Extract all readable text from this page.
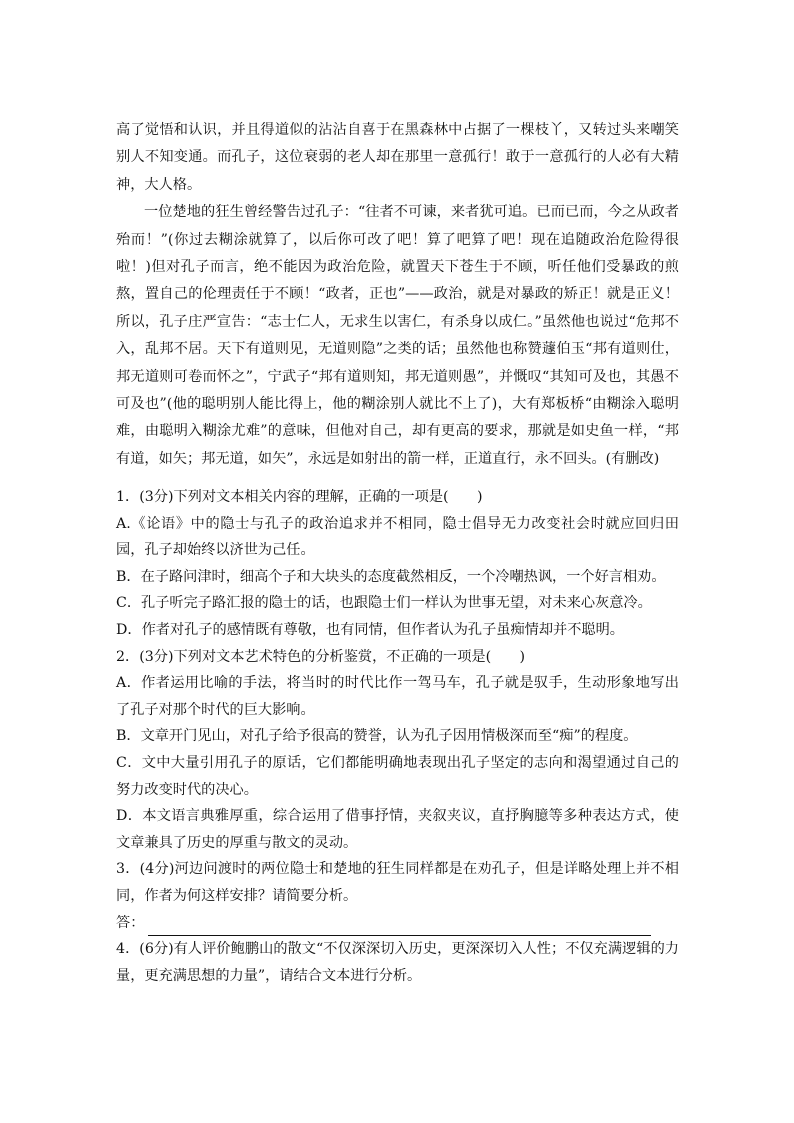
高了觉悟和认识，并且得道似的沾沾自喜于在黑森林中占据了一棵枝丫，又转过头来嘲笑别人不知变通。而孔子，这位衰弱的老人却在那里一意孤行！敢于一意孤行的人必有大精神，大人格。

一位楚地的狂生曾经警告过孔子：“往者不可谏，来者犹可追。已而已而，今之从政者殆而！”(你过去糊涂就算了，以后你可改了吧！算了吧算了吧！现在追随政治危险得很啦！)但对孔子而言，绝不能因为政治危险，就置天下苍生于不顾，听任他们受暴政的煎熬，置自己的伦理责任于不顾！“政者，正也”——政治，就是对暴政的矫正！就是正义！所以，孔子庄严宣告：“志士仁人，无求生以害仁，有杀身以成仁。”虽然他也说过“危邦不入，乱邦不居。天下有道则见，无道则隐”之类的话；虽然他也称赞蘧伯玉“邦有道则仕，邦无道则可卷而怀之”，宁武子“邦有道则知，邦无道则愚”，并慨叹“其知可及也，其愚不可及也”(他的聪明别人能比得上，他的糊涂别人就比不上了)，大有郑板桥“由糊涂入聪明难，由聪明入糊涂尤难”的意味，但他对自己，却有更高的要求，那就是如史鱼一样，“邦有道，如矢；邦无道，如矢”，永远是如射出的箭一样，正道直行，永不回头。(有删改)

1．(3分)下列对文本相关内容的理解，正确的一项是(　　)

A.《论语》中的隐士与孔子的政治追求并不相同，隐士倡导无力改变社会时就应回归田园，孔子却始终以济世为己任。

B．在子路问津时，细高个子和大块头的态度截然相反，一个冷嘲热讽，一个好言相劝。

C．孔子听完子路汇报的隐士的话，也跟隐士们一样认为世事无望，对未来心灰意冷。

D．作者对孔子的感情既有尊敬，也有同情，但作者认为孔子虽痴情却并不聪明。

2．(3分)下列对文本艺术特色的分析鉴赏，不正确的一项是(　　)

A．作者运用比喻的手法，将当时的时代比作一驾马车，孔子就是驭手，生动形象地写出了孔子对那个时代的巨大影响。

B．文章开门见山，对孔子给予很高的赞誉，认为孔子因用情极深而至“痴”的程度。

C．文中大量引用孔子的原话，它们都能明确地表现出孔子坚定的志向和渴望通过自己的努力改变时代的决心。

D．本文语言典雅厚重，综合运用了借事抒情，夹叙夹议，直抒胸臆等多种表达方式，使文章兼具了历史的厚重与散文的灵动。

3．(4分)河边问渡时的两位隐士和楚地的狂生同样都是在劝孔子，但是详略处理上并不相同，作者为何这样安排？请简要分析。

答：

4．(6分)有人评价鲍鹏山的散文“不仅深深切入历史，更深深切入人性；不仅充满逻辑的力量，更充满思想的力量”，请结合文本进行分析。
